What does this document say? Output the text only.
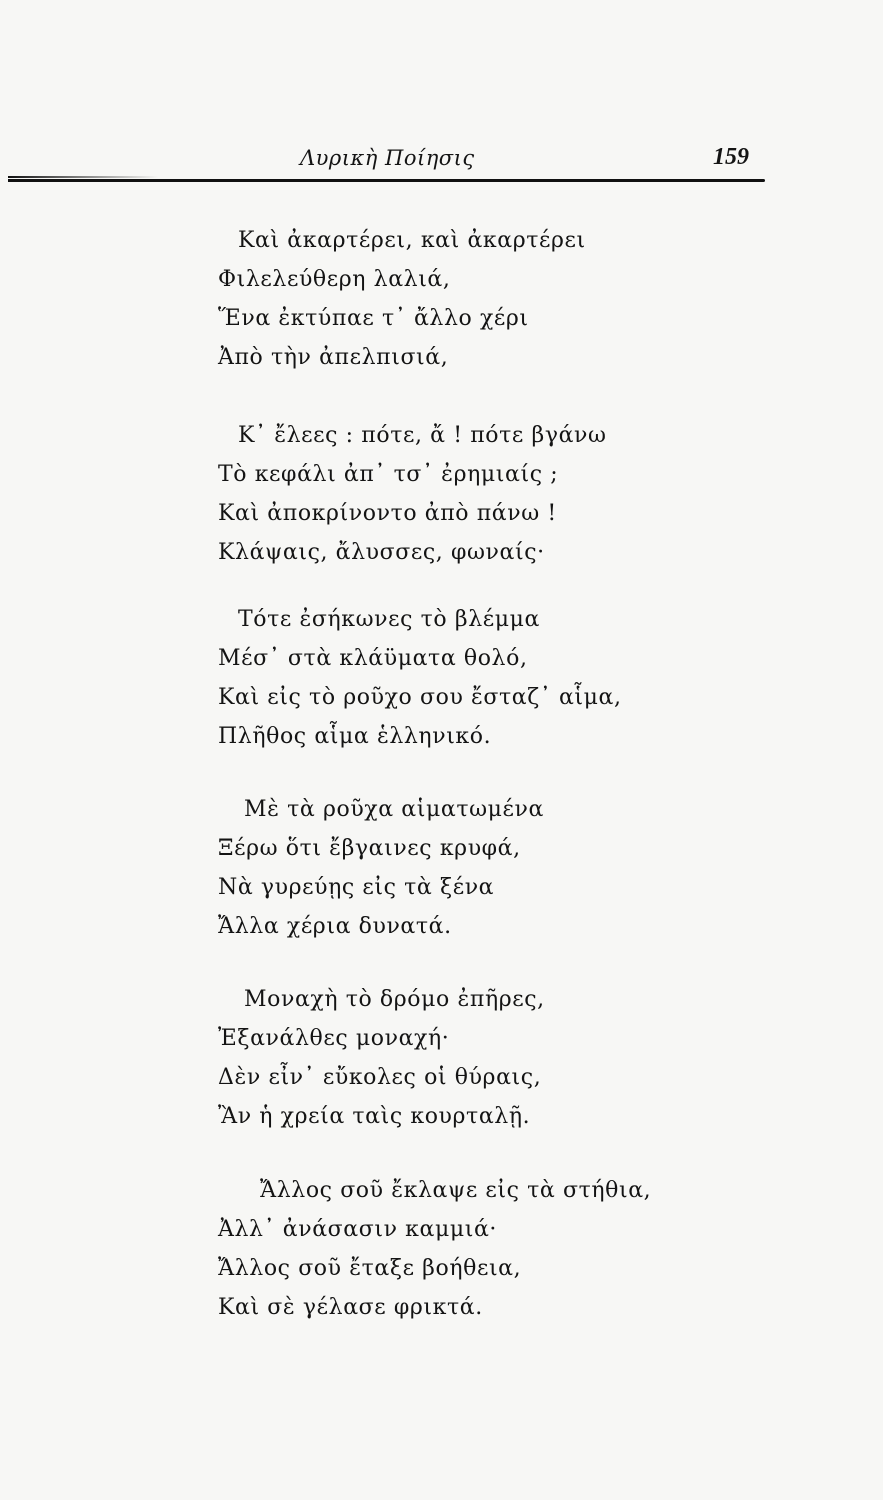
Λυρικὴ Ποίησις	159
Καὶ ἀκαρτέρει, καὶ ἀκαρτέρει
Φιλελεύθερη λαλιά,
Ἕνα ἐκτύπαε τ᾽ ἄλλο χέρι
Ἀπὸ τὴν ἀπελπισιά,
Κ᾽ ἔλεες : πότε, ἄ ! πότε βγάνω
Τὸ κεφάλι ἀπ᾽ τσ᾽ ἐρημιαίς ;
Καὶ ἀποκρίνοντο ἀπὸ πάνω !
Κλάψαις, ἄλυσσες, φωναίς·
Τότε ἐσήκωνες τὸ βλέμμα
Μέσ᾽ στὰ κλάϋματα θολό,
Καὶ εἰς τὸ ροῦχο σου ἔσταζ᾽ αἷμα,
Πλῆθος αἷμα ἑλληνικό.
Μὲ τὰ ροῦχα αἱματωμένα
Ξέρω ὅτι ἔβγαινες κρυφά,
Νὰ γυρεύῃς εἰς τὰ ξένα
Ἄλλα χέρια δυνατά.
Μοναχὴ τὸ δρόμο ἐπῆρες,
Ἐξανάλθες μοναχή·
Δὲν εἶν᾽ εὔκολες οἱ θύραις,
Ἂν ἡ χρεία ταὶς κουρταλῇ.
Ἄλλος σοῦ ἔκλαψε εἰς τὰ στήθια,
Ἀλλ᾽ ἀνάσασιν καμμιά·
Ἄλλος σοῦ ἔταξε βοήθεια,
Καὶ σὲ γέλασε φρικτά.
